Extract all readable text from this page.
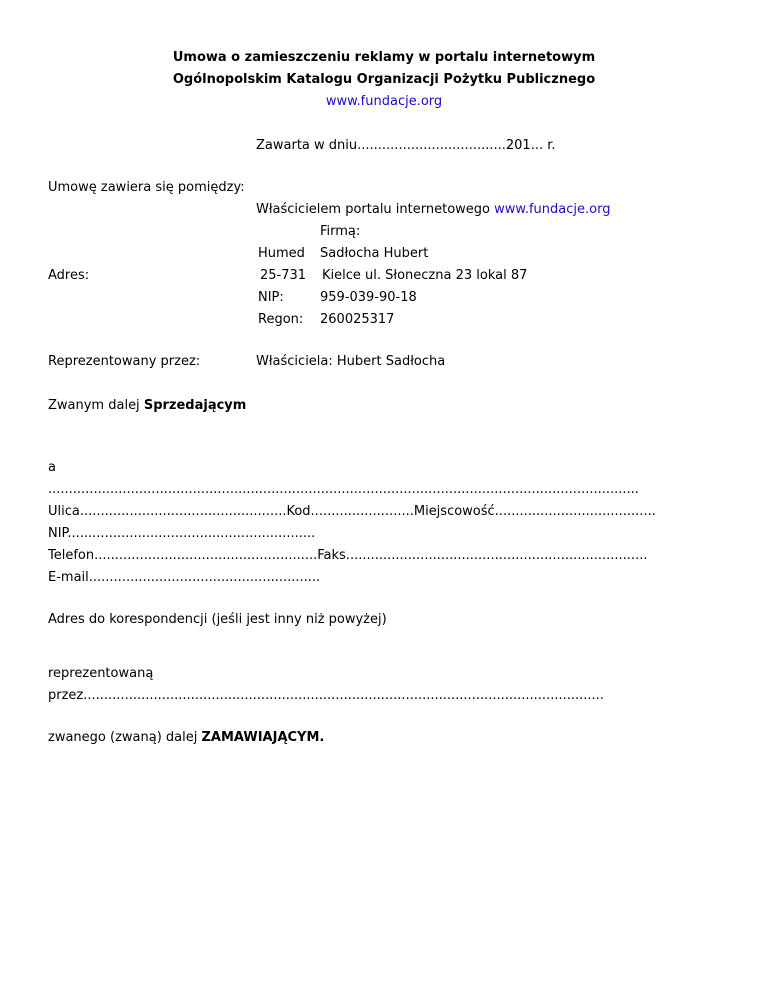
Umowa o zamieszczeniu reklamy w portalu internetowym
Ogólnopolskim Katalogu Organizacji Pożytku Publicznego
www.fundacje.org
Zawarta w dniu....................................201... r.
Umowę zawiera się pomiędzy:
Właścicielem portalu internetowego www.fundacje.org
Firmą:
Humed Sadłocha Hubert
Adres:	25-731 Kielce ul. Słoneczna 23 lokal 87
NIP:	959-039-90-18
Regon: 260025317
Reprezentowany przez:	Właściciela: Hubert Sadłocha
Zwanym dalej Sprzedającym
a
...............................................................................................................................................
Ulica..................................................Kod.........................Miejscowość.......................................
NIP............................................................
Telefon......................................................Faks.........................................................................
E-mail........................................................
Adres do korespondencji (jeśli jest inny niż powyżej)
reprezentowaną
przez..............................................................................................................................
zwanego (zwaną) dalej ZAMAWIAJĄCYM.
